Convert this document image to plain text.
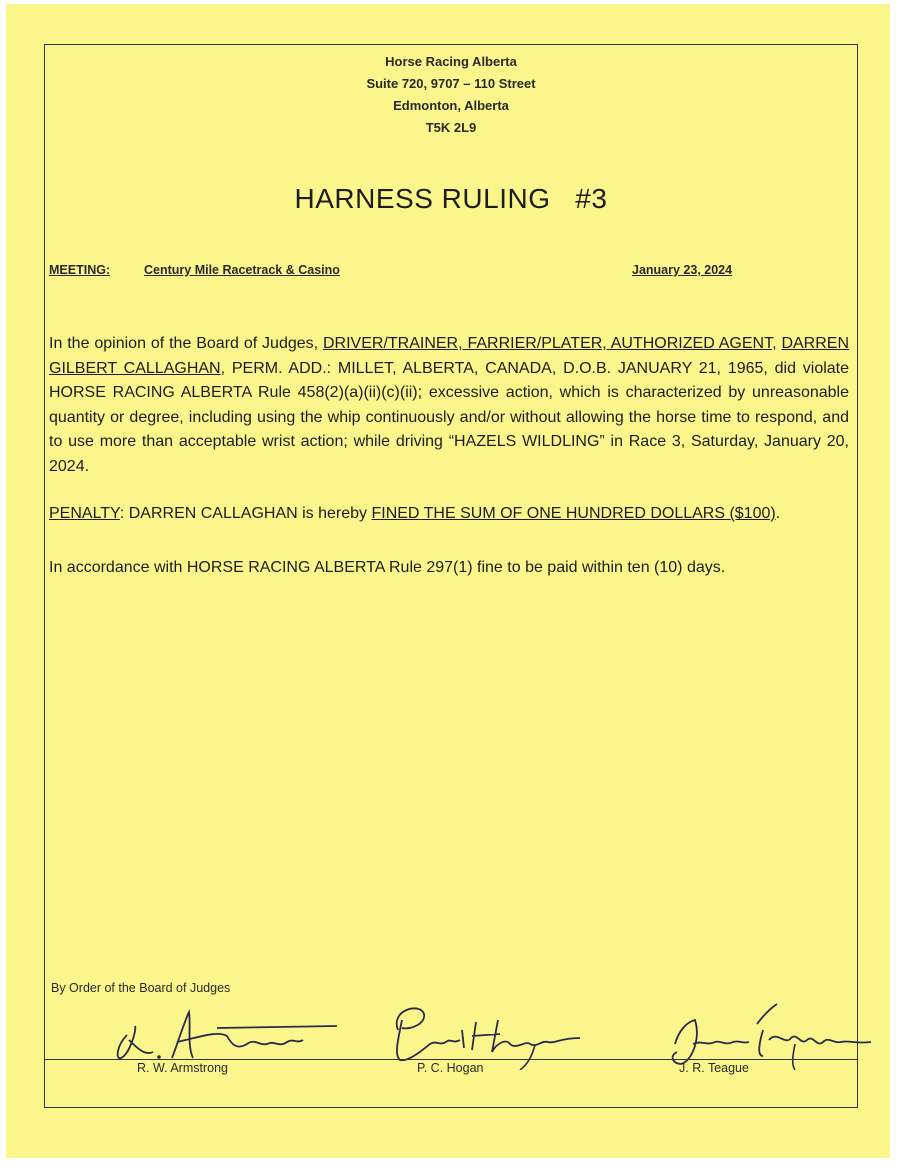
Horse Racing Alberta
Suite 720, 9707 – 110 Street
Edmonton, Alberta
T5K 2L9
HARNESS RULING   #3
MEETING:	Century Mile Racetrack & Casino	January 23, 2024
In the opinion of the Board of Judges, DRIVER/TRAINER, FARRIER/PLATER, AUTHORIZED AGENT, DARREN GILBERT CALLAGHAN, PERM. ADD.: MILLET, ALBERTA, CANADA, D.O.B. JANUARY 21, 1965, did violate HORSE RACING ALBERTA Rule 458(2)(a)(ii)(c)(ii); excessive action, which is characterized by unreasonable quantity or degree, including using the whip continuously and/or without allowing the horse time to respond, and to use more than acceptable wrist action; while driving “HAZELS WILDLING” in Race 3, Saturday, January 20, 2024.
PENALTY: DARREN CALLAGHAN is hereby FINED THE SUM OF ONE HUNDRED DOLLARS ($100).
In accordance with HORSE RACING ALBERTA Rule 297(1) fine to be paid within ten (10) days.
By Order of the Board of Judges
R. W. Armstrong	P. C. Hogan	J. R. Teague
